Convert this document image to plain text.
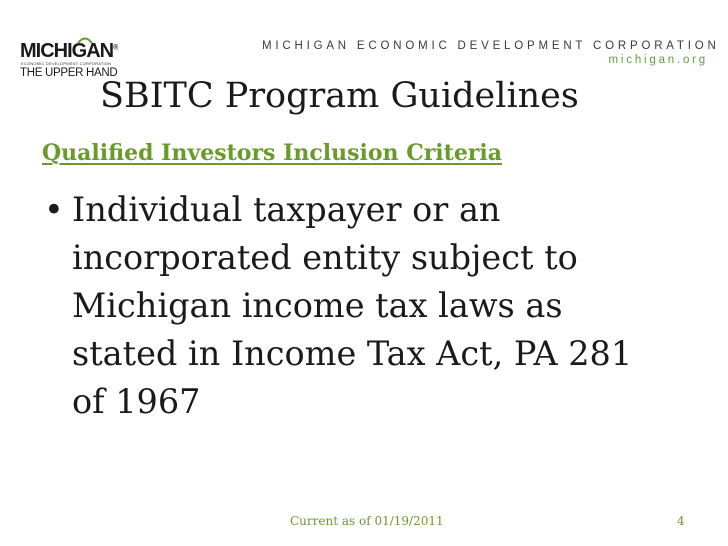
MICHIGAN®
ECONOMIC DEVELOPMENT CORPORATION
THE UPPER HAND
MICHIGAN ECONOMIC DEVELOPMENT CORPORATION
michigan.org
SBITC Program Guidelines
Qualified Investors Inclusion Criteria
• Individual taxpayer or an
incorporated entity subject to
Michigan income tax laws as
stated in Income Tax Act, PA 281
of 1967
Current as of 01/19/2011	4
